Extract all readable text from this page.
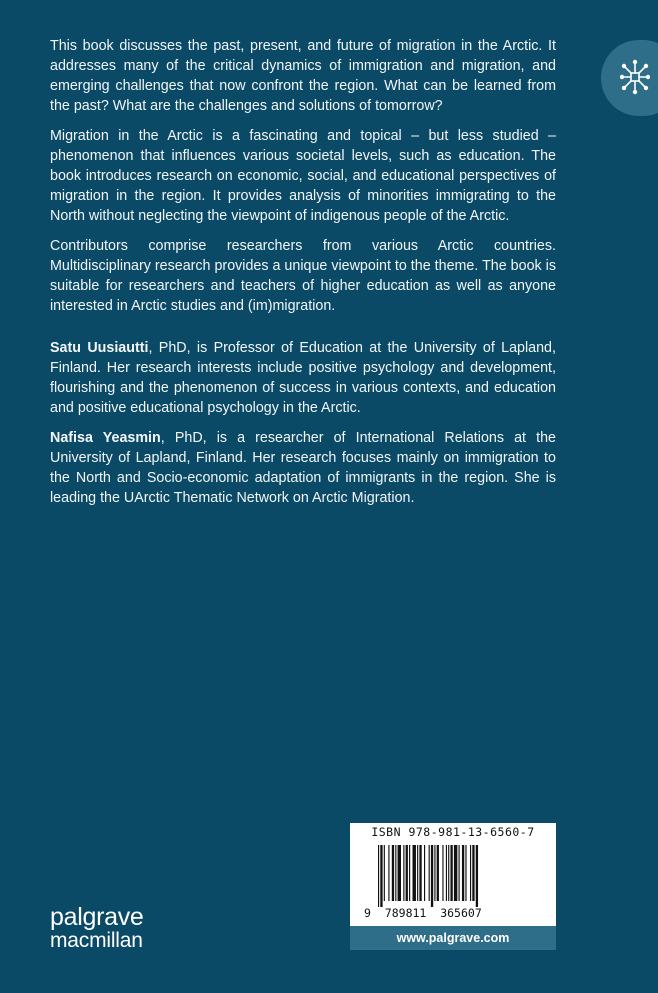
This book discusses the past, present, and future of migration in the Arctic. It addresses many of the critical dynamics of immigration and migration, and emerging challenges that now confront the region. What can be learned from the past? What are the challenges and solutions of tomorrow?

Migration in the Arctic is a fascinating and topical – but less studied – phenomenon that influences various societal levels, such as education. The book introduces research on economic, social, and educational perspectives of migration in the region. It provides analysis of minorities immigrating to the North without neglecting the viewpoint of indigenous people of the Arctic.

Contributors comprise researchers from various Arctic countries. Multidisciplinary research provides a unique viewpoint to the theme. The book is suitable for researchers and teachers of higher education as well as anyone interested in Arctic studies and (im)migration.

Satu Uusiautti, PhD, is Professor of Education at the University of Lapland, Finland. Her research interests include positive psychology and development, flourishing and the phenomenon of success in various contexts, and education and positive educational psychology in the Arctic.

Nafisa Yeasmin, PhD, is a researcher of International Relations at the University of Lapland, Finland. Her research focuses mainly on immigration to the North and Socio-economic adaptation of immigrants in the region. She is leading the UArctic Thematic Network on Arctic Migration.

ISBN 978-981-13-6560-7
9 789811 365607
www.palgrave.com
palgrave
macmillan
